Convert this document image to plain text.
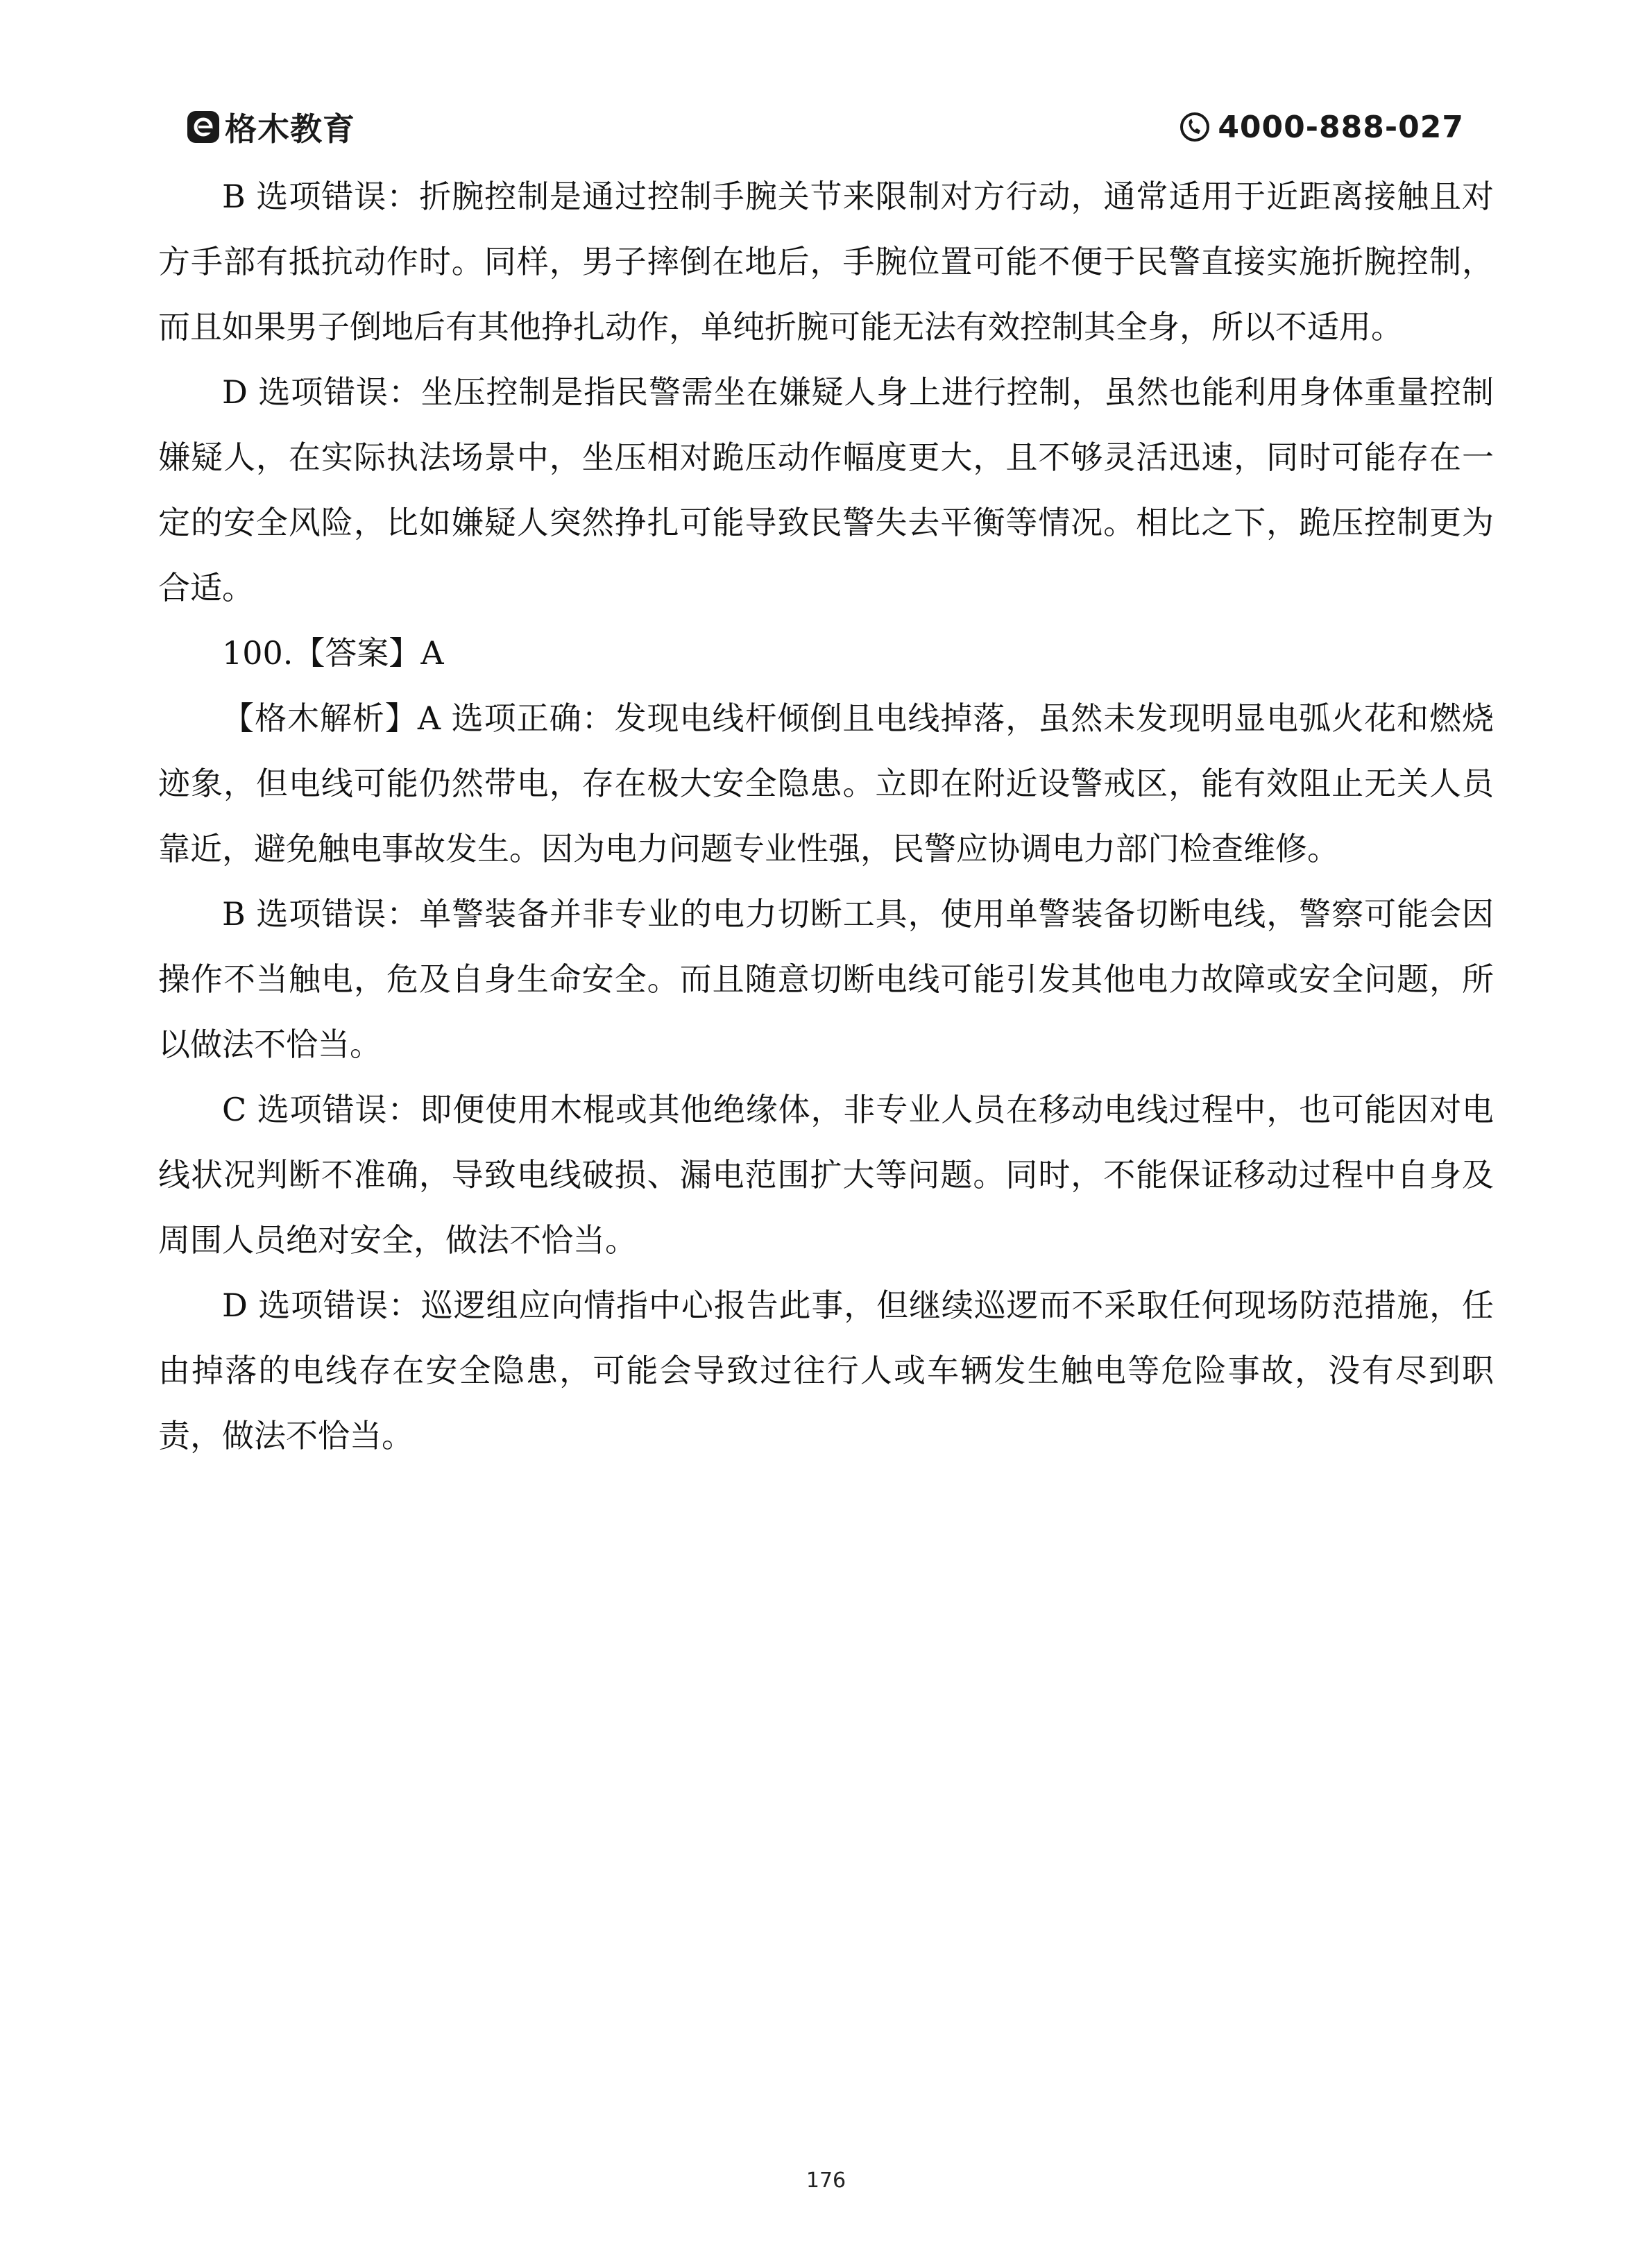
格木教育	4000-888-027

B 选项错误：折腕控制是通过控制手腕关节来限制对方行动，通常适用于近距离接触且对方手部有抵抗动作时。同样，男子摔倒在地后，手腕位置可能不便于民警直接实施折腕控制，而且如果男子倒地后有其他挣扎动作，单纯折腕可能无法有效控制其全身，所以不适用。

D 选项错误：坐压控制是指民警需坐在嫌疑人身上进行控制，虽然也能利用身体重量控制嫌疑人，在实际执法场景中，坐压相对跪压动作幅度更大，且不够灵活迅速，同时可能存在一定的安全风险，比如嫌疑人突然挣扎可能导致民警失去平衡等情况。相比之下，跪压控制更为合适。

100.【答案】A

【格木解析】A 选项正确：发现电线杆倾倒且电线掉落，虽然未发现明显电弧火花和燃烧迹象，但电线可能仍然带电，存在极大安全隐患。立即在附近设警戒区，能有效阻止无关人员靠近，避免触电事故发生。因为电力问题专业性强，民警应协调电力部门检查维修。

B 选项错误：单警装备并非专业的电力切断工具，使用单警装备切断电线，警察可能会因操作不当触电，危及自身生命安全。而且随意切断电线可能引发其他电力故障或安全问题，所以做法不恰当。

C 选项错误：即便使用木棍或其他绝缘体，非专业人员在移动电线过程中，也可能因对电线状况判断不准确，导致电线破损、漏电范围扩大等问题。同时，不能保证移动过程中自身及周围人员绝对安全，做法不恰当。

D 选项错误：巡逻组应向情指中心报告此事，但继续巡逻而不采取任何现场防范措施，任由掉落的电线存在安全隐患，可能会导致过往行人或车辆发生触电等危险事故，没有尽到职责，做法不恰当。

176
